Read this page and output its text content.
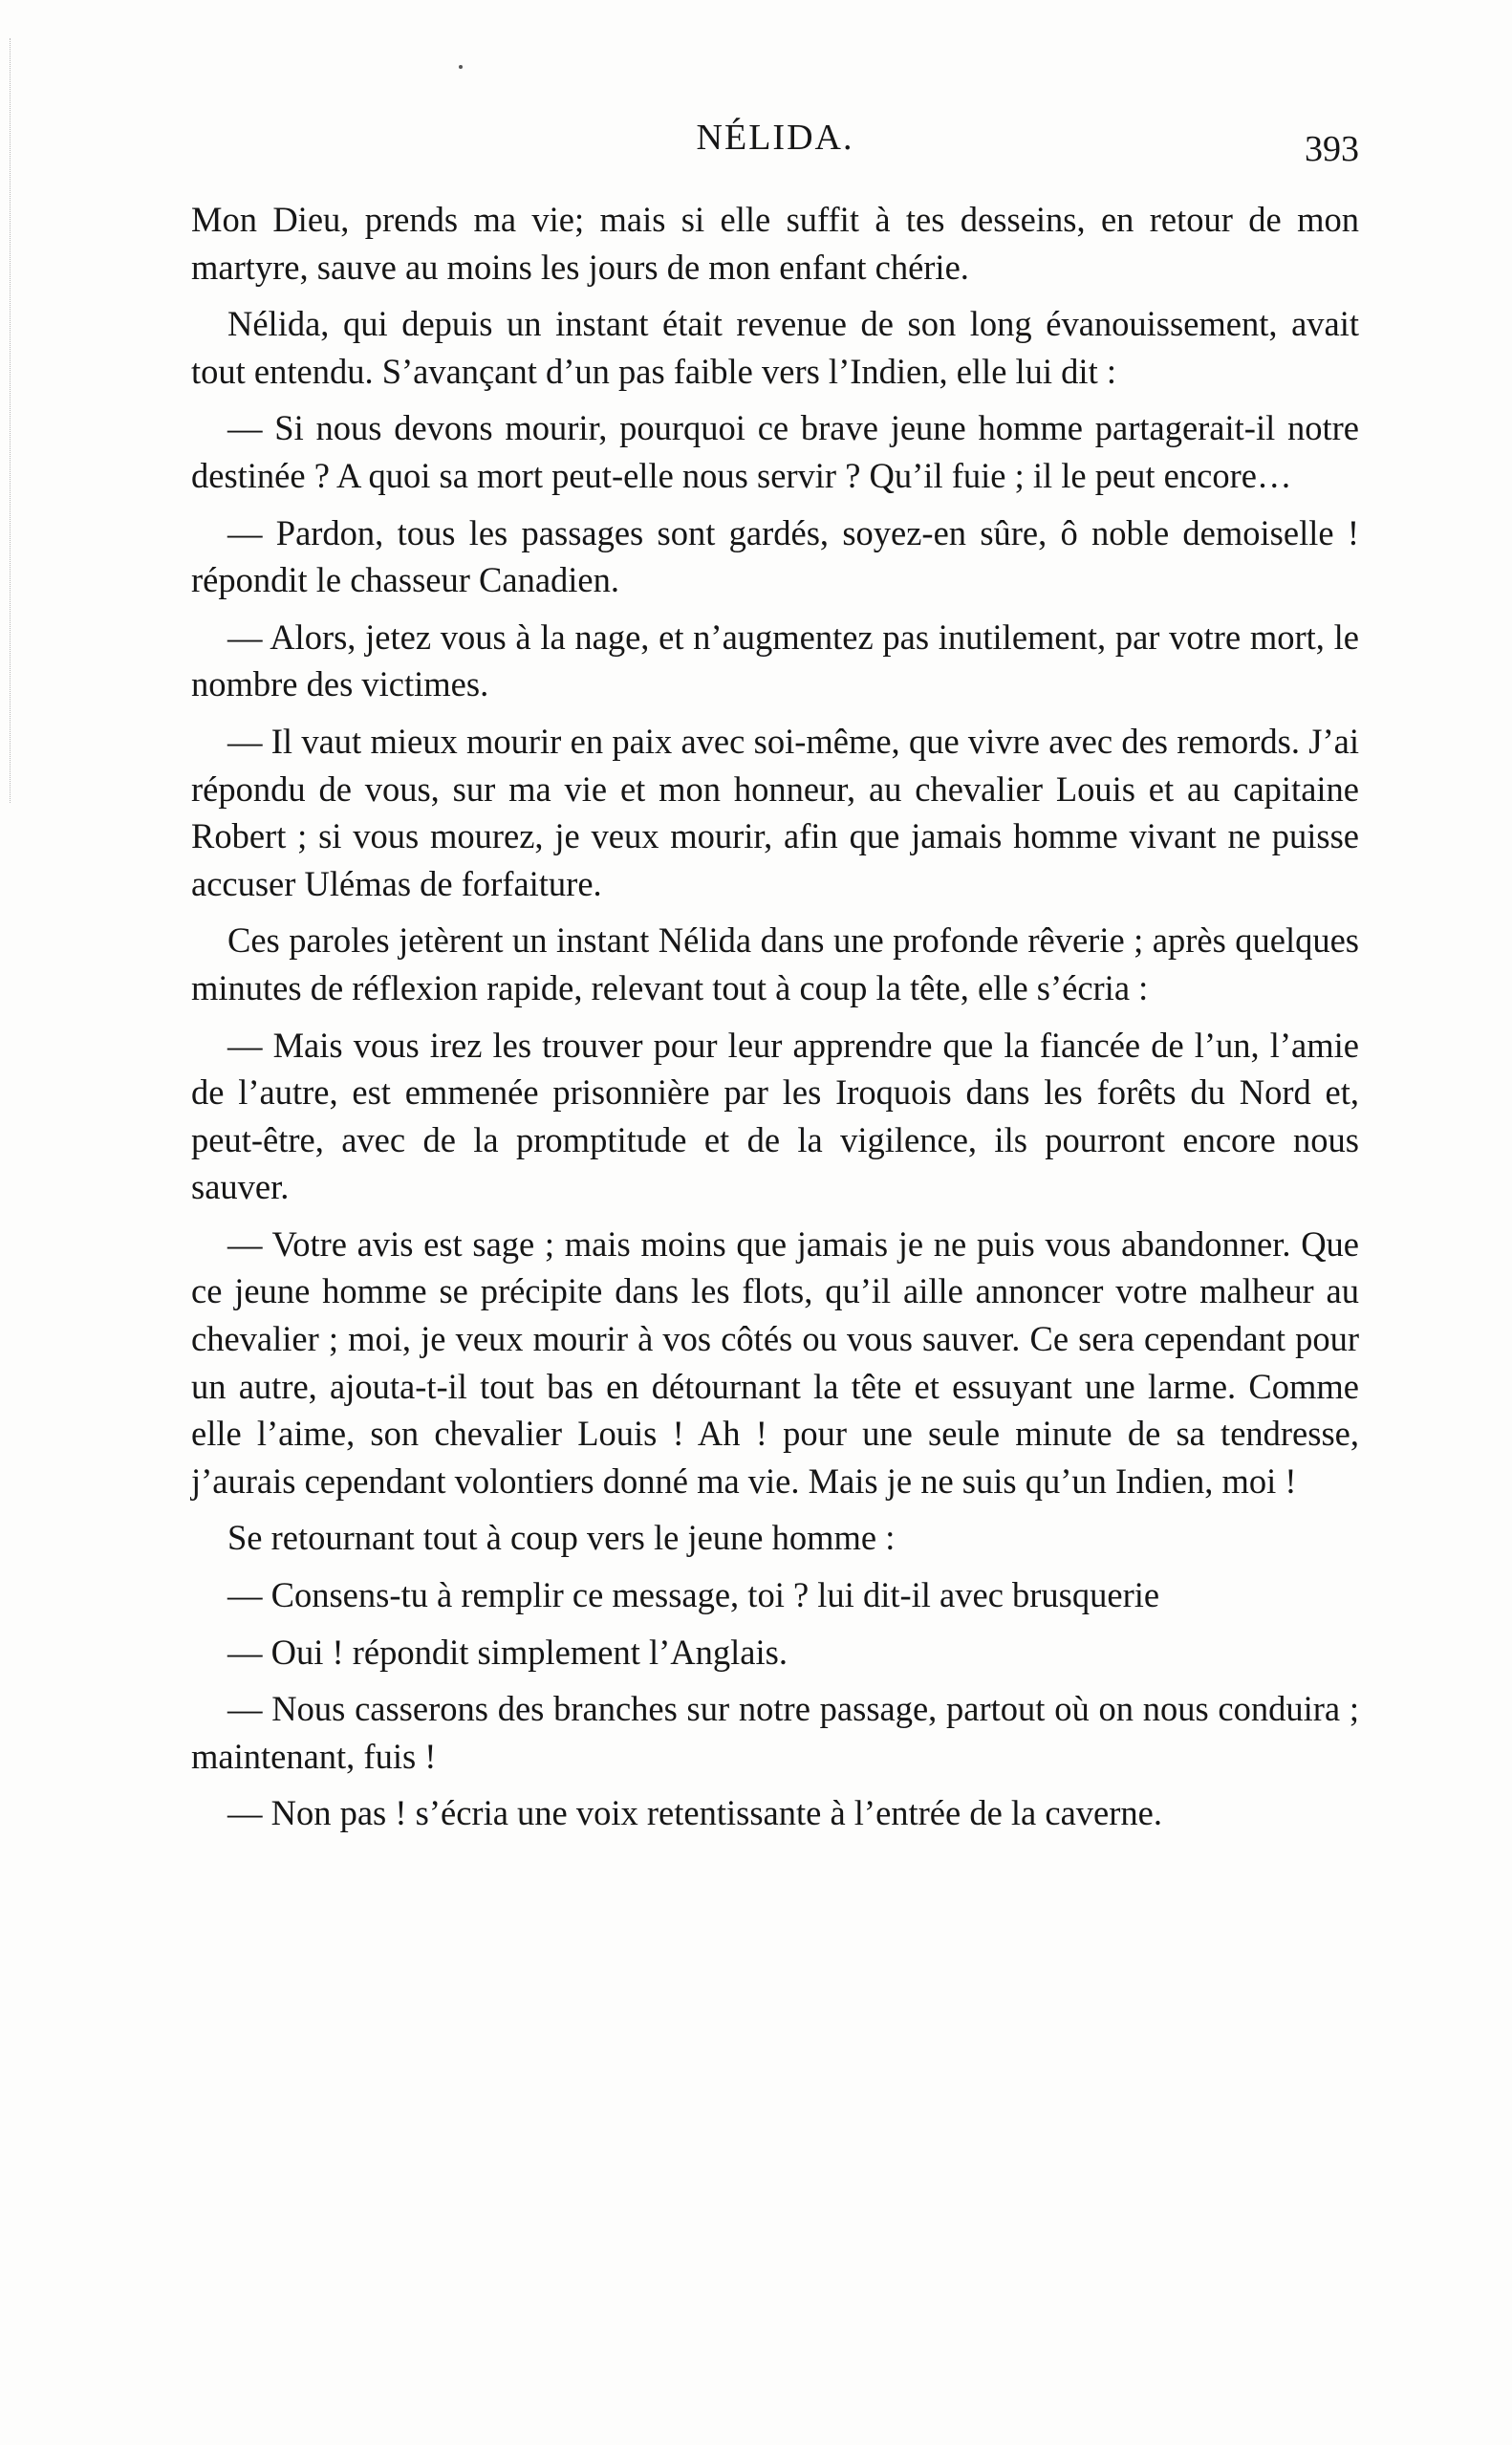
NÉLIDA.	393

Mon Dieu, prends ma vie; mais si elle suffit à tes desseins, en retour de mon martyre, sauve au moins les jours de mon enfant chérie.

Nélida, qui depuis un instant était revenue de son long évanouissement, avait tout entendu. S’avançant d’un pas faible vers l’Indien, elle lui dit :

— Si nous devons mourir, pourquoi ce brave jeune homme partagerait-il notre destinée ? A quoi sa mort peut-elle nous servir ? Qu’il fuie ; il le peut encore…

— Pardon, tous les passages sont gardés, soyez-en sûre, ô noble demoiselle ! répondit le chasseur Canadien.

— Alors, jetez vous à la nage, et n’augmentez pas inutilement, par votre mort, le nombre des victimes.

— Il vaut mieux mourir en paix avec soi-même, que vivre avec des remords. J’ai répondu de vous, sur ma vie et mon honneur, au chevalier Louis et au capitaine Robert ; si vous mourez, je veux mourir, afin que jamais homme vivant ne puisse accuser Ulémas de forfaiture.

Ces paroles jetèrent un instant Nélida dans une profonde rêverie ; après quelques minutes de réflexion rapide, relevant tout à coup la tête, elle s’écria :

— Mais vous irez les trouver pour leur apprendre que la fiancée de l’un, l’amie de l’autre, est emmenée prisonnière par les Iroquois dans les forêts du Nord et, peut-être, avec de la promptitude et de la vigilence, ils pourront encore nous sauver.

— Votre avis est sage ; mais moins que jamais je ne puis vous abandonner. Que ce jeune homme se précipite dans les flots, qu’il aille annoncer votre malheur au chevalier ; moi, je veux mourir à vos côtés ou vous sauver. Ce sera cependant pour un autre, ajouta-t-il tout bas en détournant la tête et essuyant une larme. Comme elle l’aime, son chevalier Louis ! Ah ! pour une seule minute de sa tendresse, j’aurais cependant volontiers donné ma vie. Mais je ne suis qu’un Indien, moi !

Se retournant tout à coup vers le jeune homme :

— Consens-tu à remplir ce message, toi ? lui dit-il avec brusquerie

— Oui ! répondit simplement l’Anglais.

— Nous casserons des branches sur notre passage, partout où on nous conduira ; maintenant, fuis !

— Non pas ! s’écria une voix retentissante à l’entrée de la caverne.
